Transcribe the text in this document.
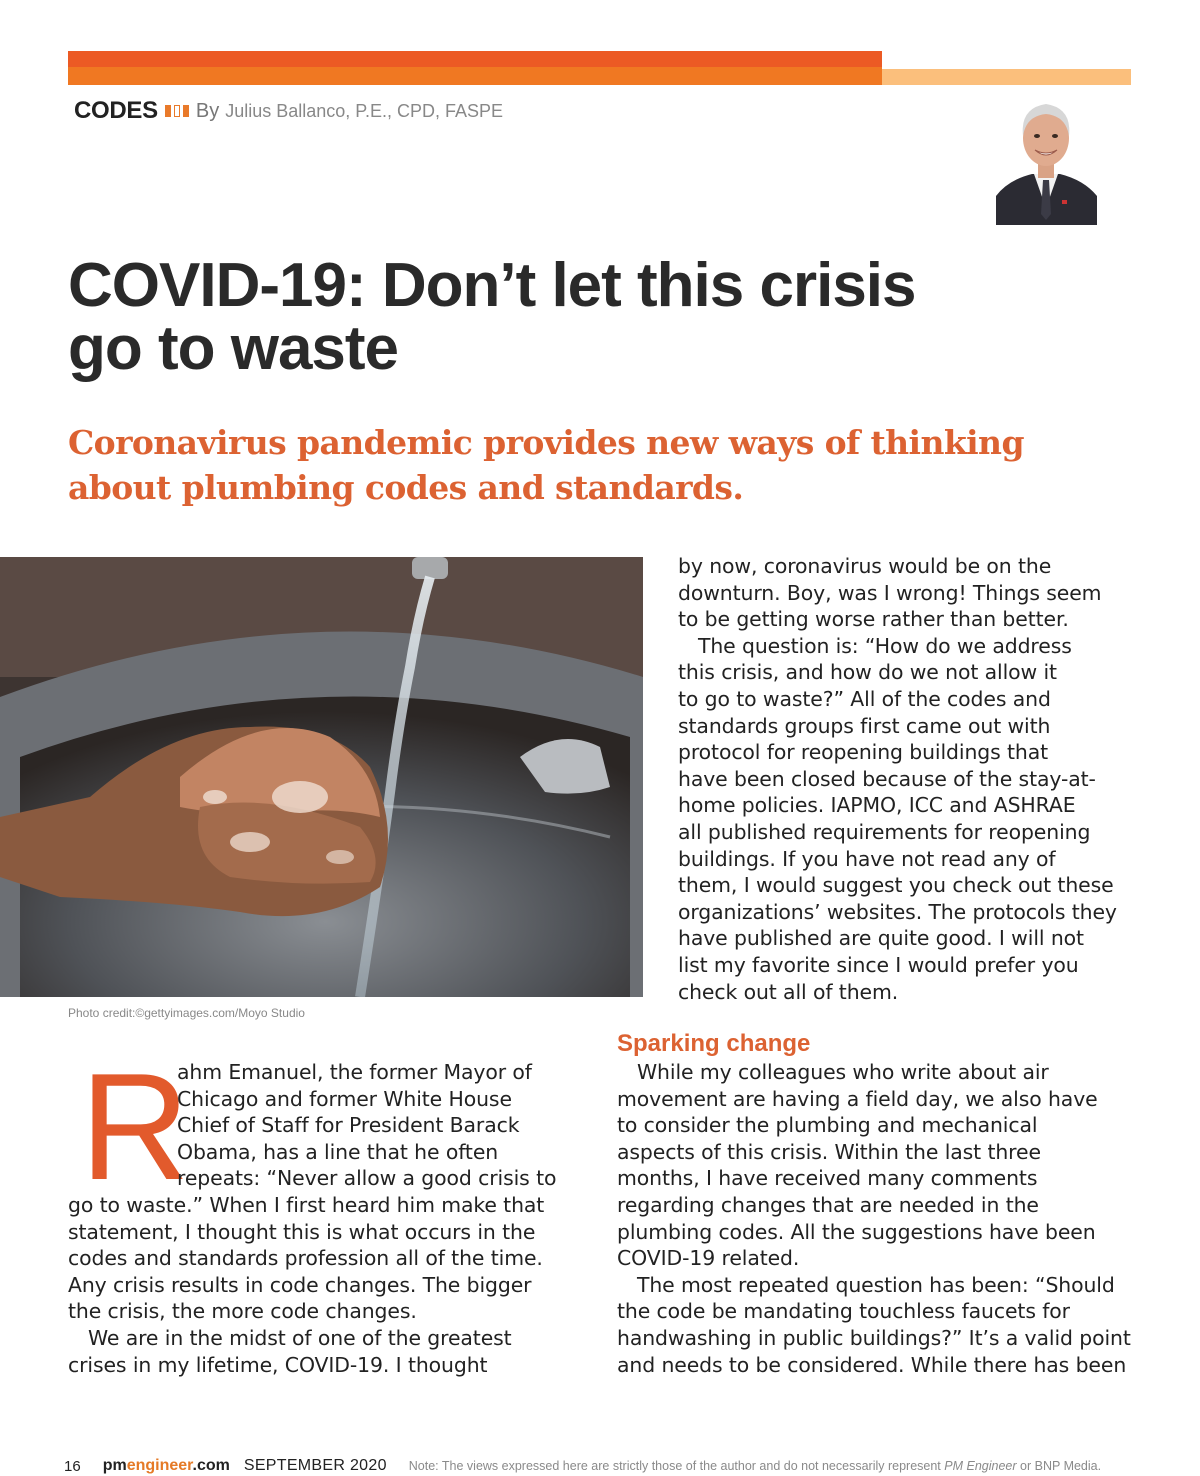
CODES By Julius Ballanco, P.E., CPD, FASPE
COVID-19: Don’t let this crisis
go to waste
Coronavirus pandemic provides new ways of thinking
about plumbing codes and standards.
Photo credit:©gettyimages.com/Moyo Studio
by now, coronavirus would be on the
downturn. Boy, was I wrong! Things seem
to be getting worse rather than better.
The question is: “How do we address
this crisis, and how do we not allow it
to go to waste?” All of the codes and
standards groups first came out with
protocol for reopening buildings that
have been closed because of the stay-at-
home policies. IAPMO, ICC and ASHRAE
all published requirements for reopening
buildings. If you have not read any of
them, I would suggest you check out these
organizations’ websites. The protocols they
have published are quite good. I will not
list my favorite since I would prefer you
check out all of them.
R
ahm Emanuel, the former Mayor of
Chicago and former White House
Chief of Staff for President Barack
Obama, has a line that he often
repeats: “Never allow a good crisis to
go to waste.” When I first heard him make that
statement, I thought this is what occurs in the
codes and standards profession all of the time.
Any crisis results in code changes. The bigger
the crisis, the more code changes.
We are in the midst of one of the greatest
crises in my lifetime, COVID-19. I thought
Sparking change
While my colleagues who write about air
movement are having a field day, we also have
to consider the plumbing and mechanical
aspects of this crisis. Within the last three
months, I have received many comments
regarding changes that are needed in the
plumbing codes. All the suggestions have been
COVID-19 related.
The most repeated question has been: “Should
the code be mandating touchless faucets for
handwashing in public buildings?” It’s a valid point
and needs to be considered. While there has been
16 pmengineer.com SEPTEMBER 2020 Note: The views expressed here are strictly those of the author and do not necessarily represent PM Engineer or BNP Media.
